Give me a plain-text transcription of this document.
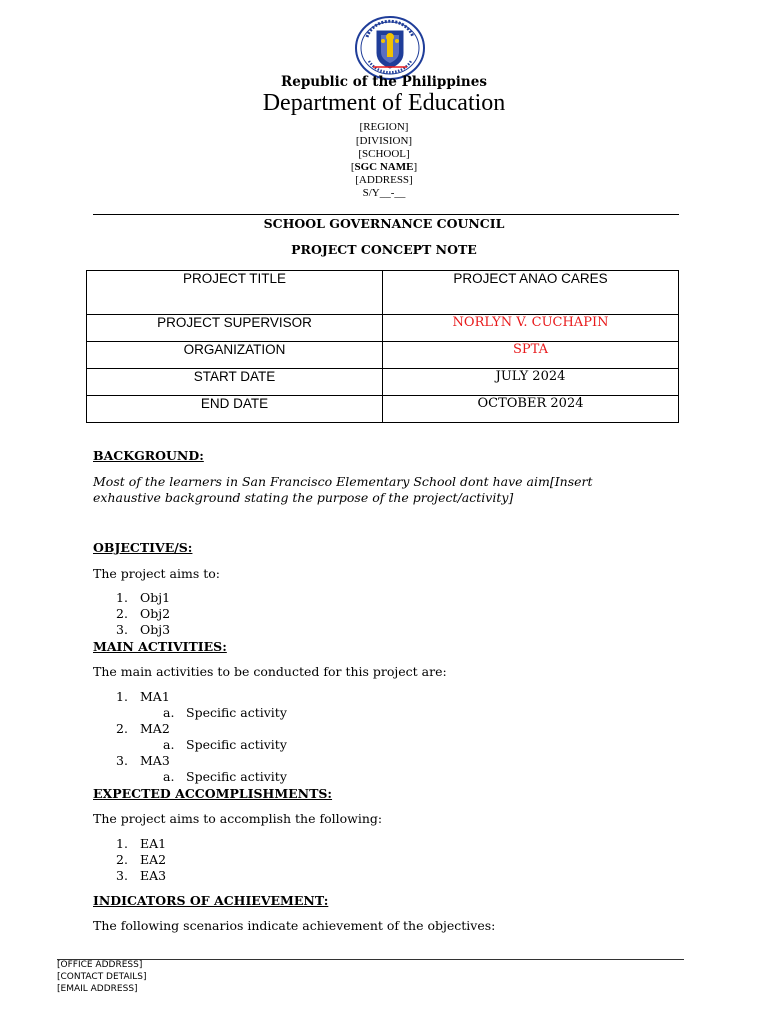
Republic of the Philippines
Department of Education
[REGION]
[DIVISION]
[SCHOOL]
[SGC NAME]
[ADDRESS]
S/Y__-__
SCHOOL GOVERNANCE COUNCIL
PROJECT CONCEPT NOTE
PROJECT TITLE	PROJECT ANAO CARES
PROJECT SUPERVISOR	NORLYN V. CUCHAPIN
ORGANIZATION	SPTA
START DATE	JULY 2024
END DATE	OCTOBER 2024
BACKGROUND:
Most of the learners in San Francisco Elementary School dont have aim[Insert
exhaustive background stating the purpose of the project/activity]
OBJECTIVE/S:
The project aims to:
1. Obj1
2. Obj2
3. Obj3
MAIN ACTIVITIES:
The main activities to be conducted for this project are:
1. MA1
a. Specific activity
2. MA2
a. Specific activity
3. MA3
a. Specific activity
EXPECTED ACCOMPLISHMENTS:
The project aims to accomplish the following:
1. EA1
2. EA2
3. EA3
INDICATORS OF ACHIEVEMENT:
The following scenarios indicate achievement of the objectives:
[OFFICE ADDRESS]
[CONTACT DETAILS]
[EMAIL ADDRESS]
